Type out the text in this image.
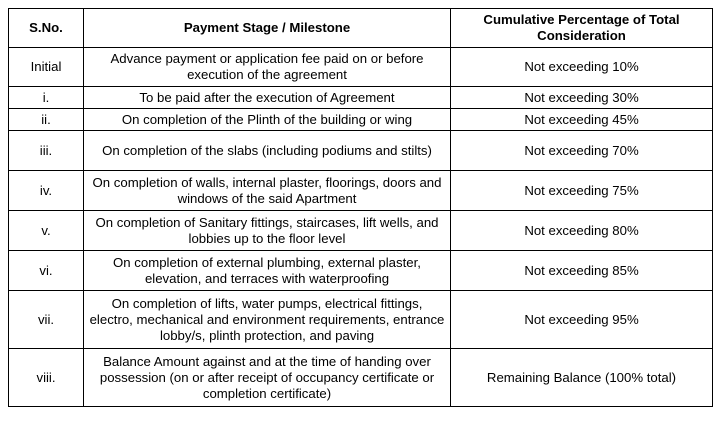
S.No.	Payment Stage / Milestone	Cumulative Percentage of Total Consideration
Initial	Advance payment or application fee paid on or before execution of the agreement	Not exceeding 10%
i.	To be paid after the execution of Agreement	Not exceeding 30%
ii.	On completion of the Plinth of the building or wing	Not exceeding 45%
iii.	On completion of the slabs (including podiums and stilts)	Not exceeding 70%
iv.	On completion of walls, internal plaster, floorings, doors and windows of the said Apartment	Not exceeding 75%
v.	On completion of Sanitary fittings, staircases, lift wells, and lobbies up to the floor level	Not exceeding 80%
vi.	On completion of external plumbing, external plaster, elevation, and terraces with waterproofing	Not exceeding 85%
vii.	On completion of lifts, water pumps, electrical fittings, electro, mechanical and environment requirements, entrance lobby/s, plinth protection, and paving	Not exceeding 95%
viii.	Balance Amount against and at the time of handing over possession (on or after receipt of occupancy certificate or completion certificate)	Remaining Balance (100% total)
